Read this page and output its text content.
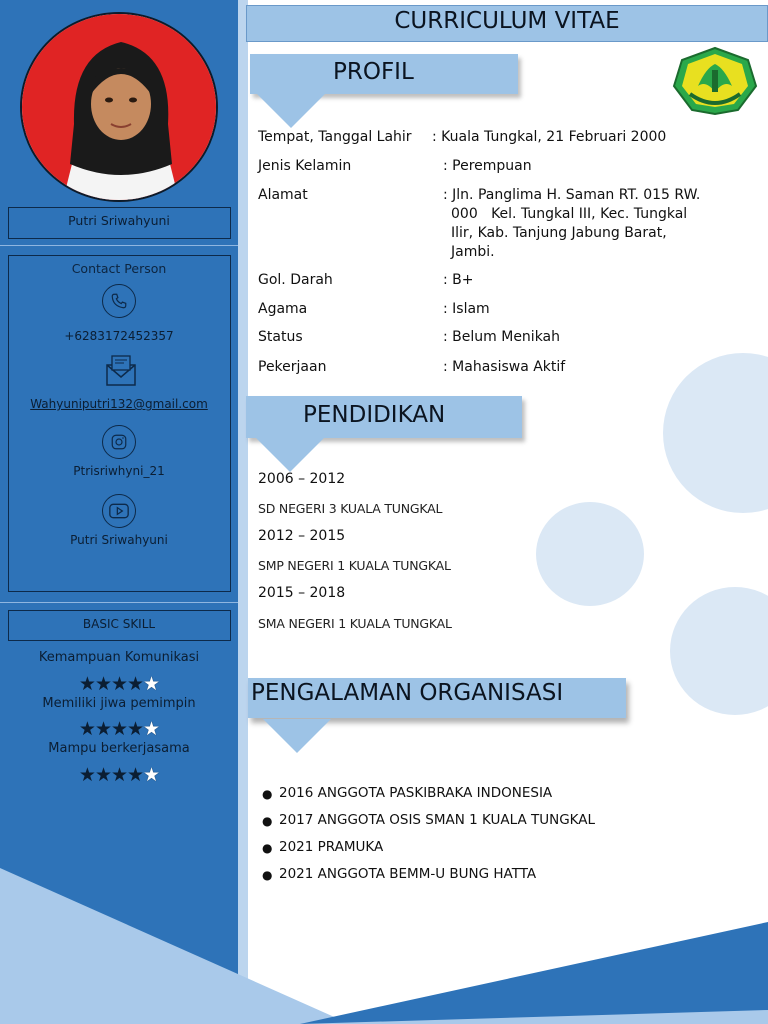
Putri Sriwahyuni
Contact Person
+6283172452357
Wahyuniputri132@gmail.com
Ptrisriwhyni_21
Putri Sriwahyuni
BASIC SKILL
Kemampuan Komunikasi
★★★★★
Memiliki jiwa pemimpin
★★★★★
Mampu berkerjasama
★★★★★
CURRICULUM VITAE
PROFIL
Tempat, Tanggal Lahir : Kuala Tungkal, 21 Februari 2000
Jenis Kelamin	: Perempuan
Alamat	: Jln. Panglima H. Saman RT. 015 RW.
000   Kel. Tungkal III, Kec. Tungkal
Ilir, Kab. Tanjung Jabung Barat,
Jambi.
Gol. Darah	: B+
Agama	: Islam
Status	: Belum Menikah
Pekerjaan	: Mahasiswa Aktif
PENDIDIKAN
2006 – 2012
SD NEGERI 3 KUALA TUNGKAL
2012 – 2015
SMP NEGERI 1 KUALA TUNGKAL
2015 – 2018
SMA NEGERI 1 KUALA TUNGKAL
PENGALAMAN ORGANISASI
● 2016 ANGGOTA PASKIBRAKA INDONESIA
● 2017 ANGGOTA OSIS SMAN 1 KUALA TUNGKAL
● 2021 PRAMUKA
● 2021 ANGGOTA BEMM-U BUNG HATTA
